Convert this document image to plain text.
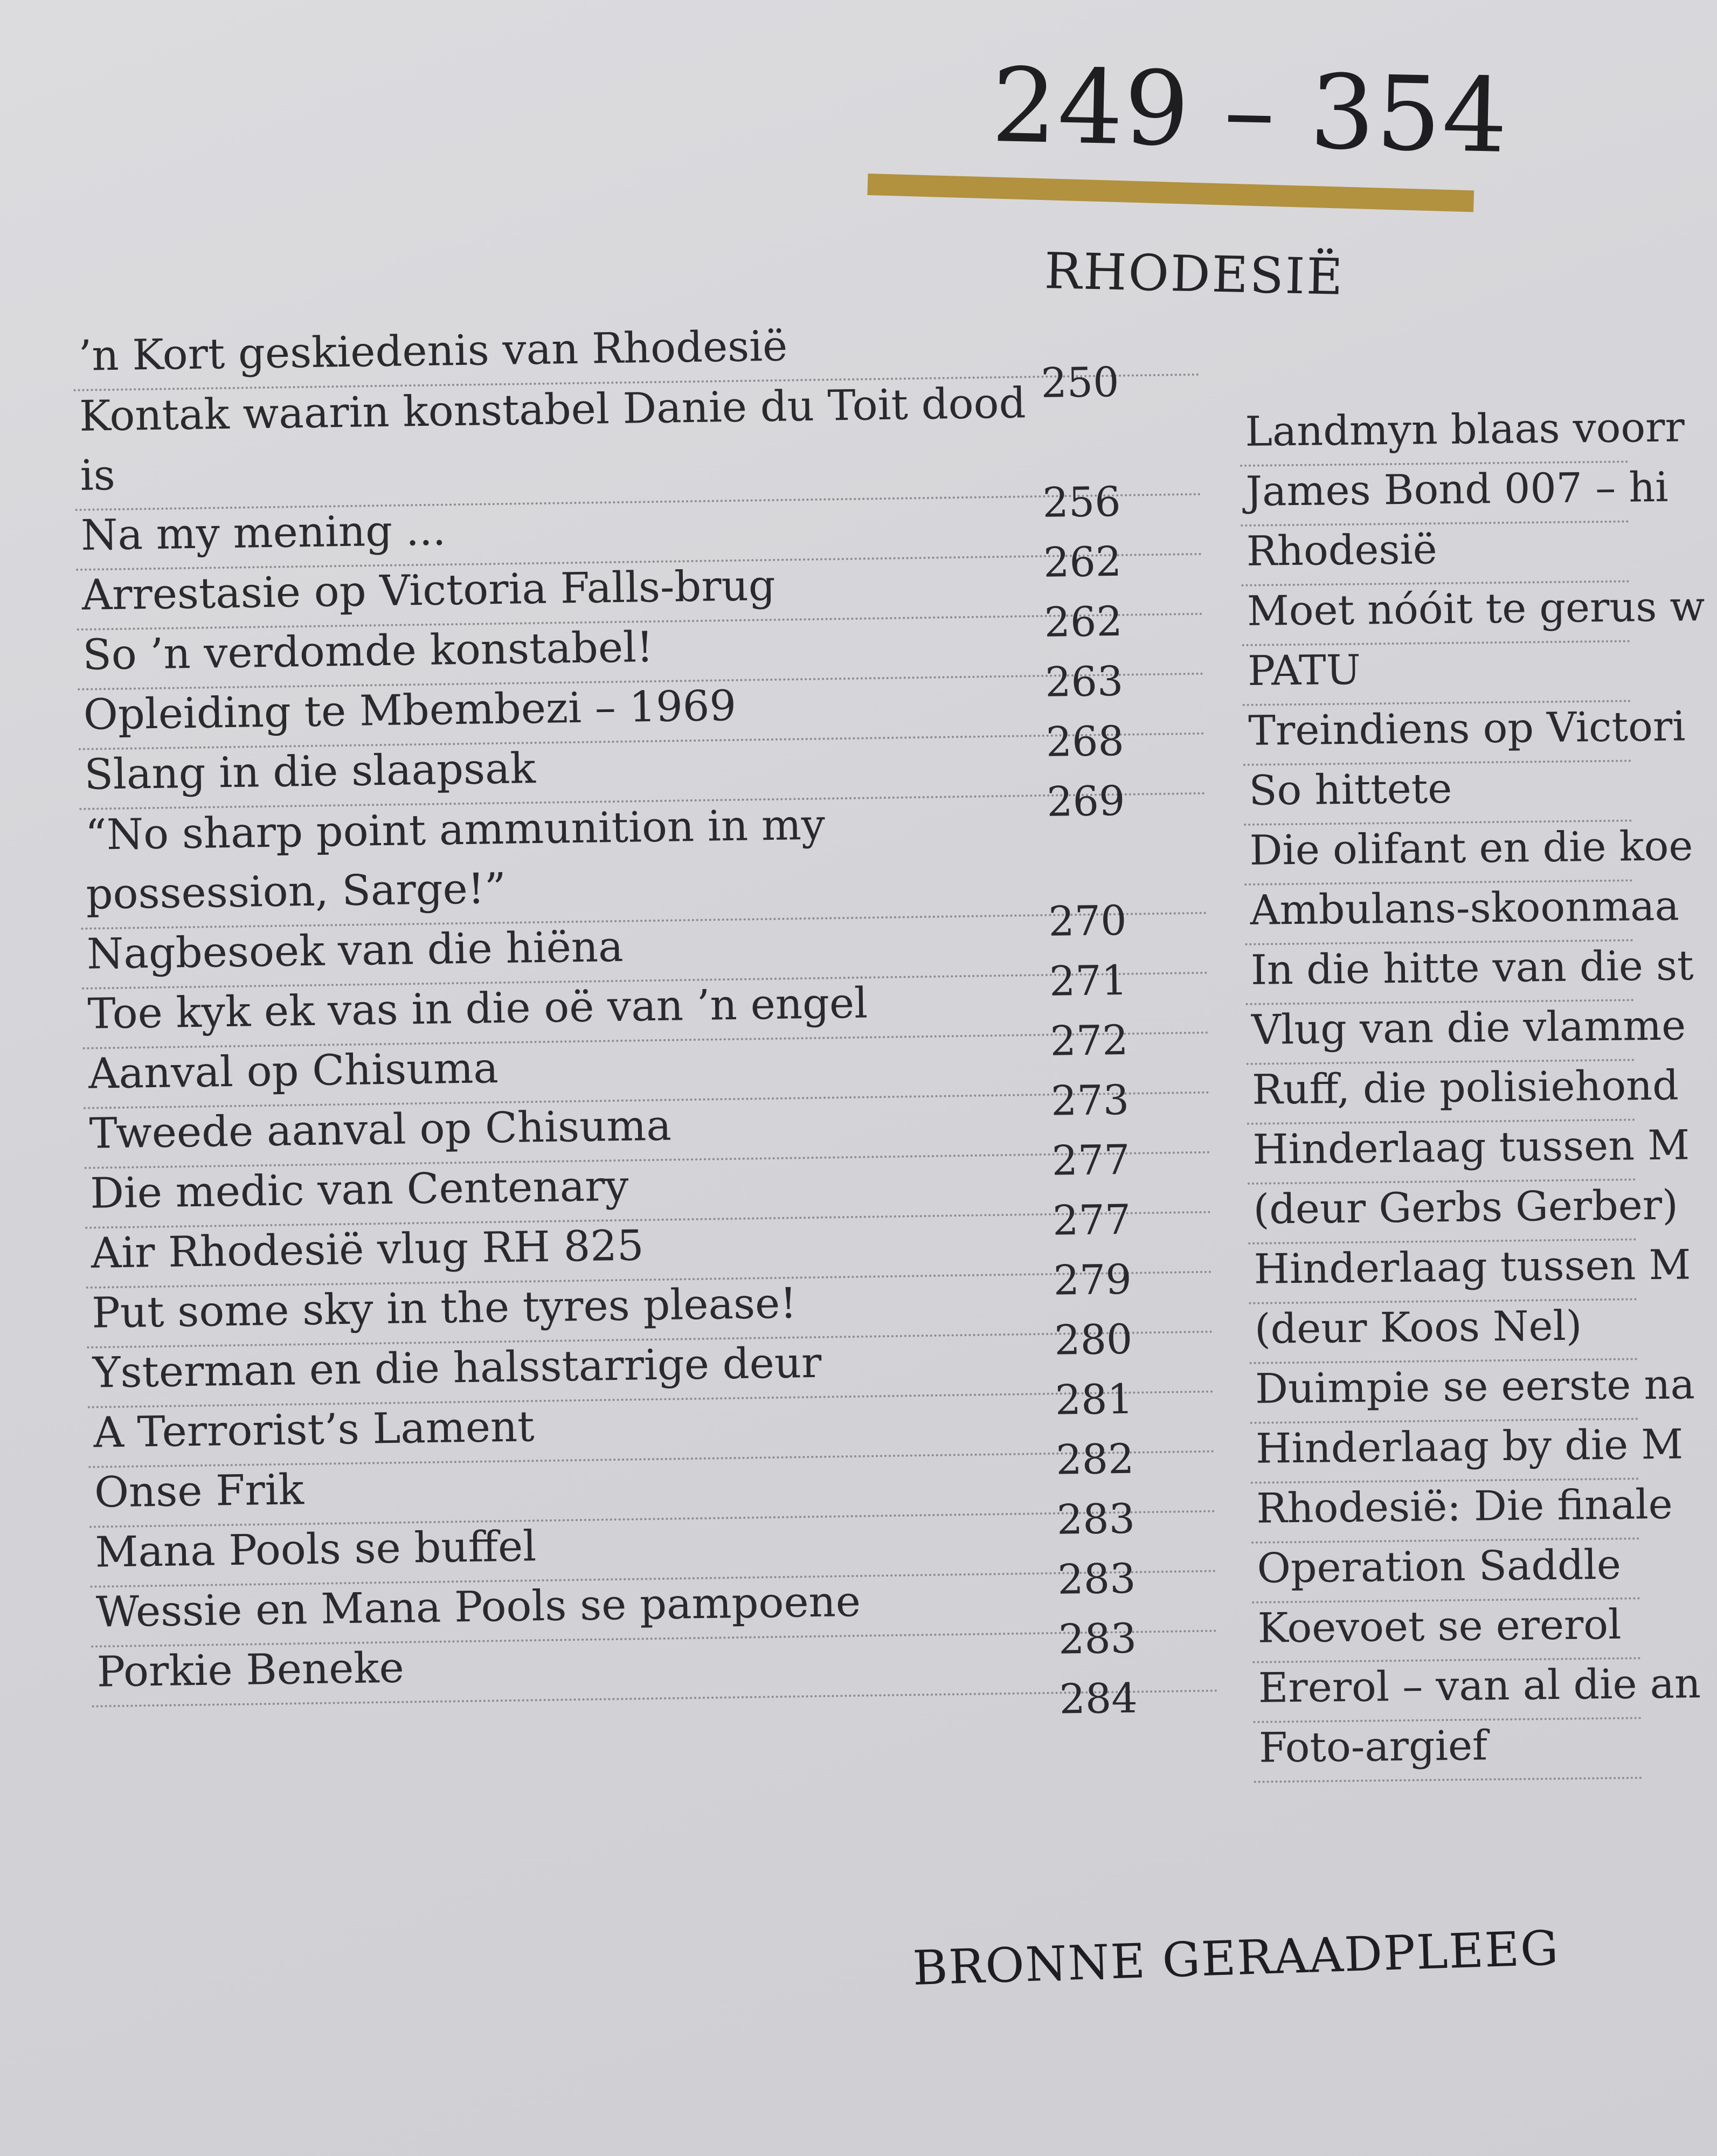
249 – 354
RHODESIË
’n Kort geskiedenis van Rhodesië
250
Kontak waarin konstabel Danie du Toit dood is
256
Na my mening ...
262
Arrestasie op Victoria Falls-brug
262
So ’n verdomde konstabel!
263
Opleiding te Mbembezi – 1969
268
Slang in die slaapsak
269
“No sharp point ammunition in my possession, Sarge!”
270
Nagbesoek van die hiëna
271
Toe kyk ek vas in die oë van ’n engel
272
Aanval op Chisuma
273
Tweede aanval op Chisuma
277
Die medic van Centenary
277
Air Rhodesië vlug RH 825
279
Put some sky in the tyres please!
280
Ysterman en die halsstarrige deur
281
A Terrorist’s Lament
282
Onse Frik
283
Mana Pools se buffel
283
Wessie en Mana Pools se pampoene
283
Porkie Beneke
284
Landmyn blaas voorr
James Bond 007 – hi
Rhodesië
Moet nóóit te gerus w
PATU
Treindiens op Victori
So hittete
Die olifant en die koe
Ambulans-skoonmaa
In die hitte van die st
Vlug van die vlamme
Ruff, die polisiehond
Hinderlaag tussen M
(deur Gerbs Gerber)
Hinderlaag tussen M
(deur Koos Nel)
Duimpie se eerste na
Hinderlaag by die M
Rhodesië: Die finale
Operation Saddle
Koevoet se ererol
Ererol – van al die an
Foto-argief
BRONNE GERAADPLEEG
